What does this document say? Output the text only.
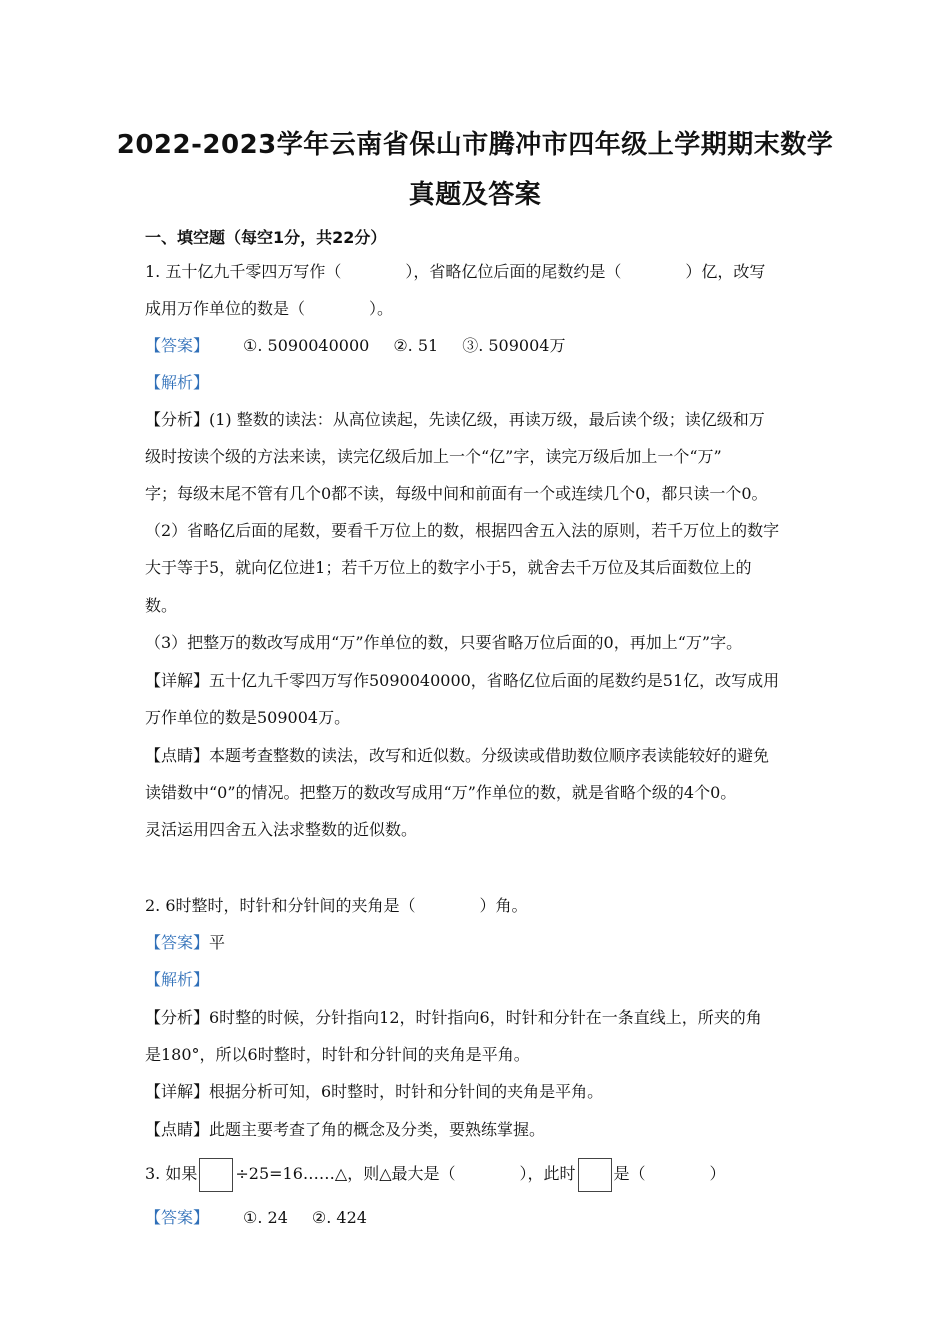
2022-2023学年云南省保山市腾冲市四年级上学期期末数学
真题及答案
一、填空题（每空1分，共22分）
1. 五十亿九千零四万写作（　　　　），省略亿位后面的尾数约是（　　　　）亿，改写
成用万作单位的数是（　　　　）。
【答案】 ①. 5090040000 ②. 51 ③. 509004万
【解析】
【分析】(1) 整数的读法：从高位读起，先读亿级，再读万级，最后读个级；读亿级和万
级时按读个级的方法来读，读完亿级后加上一个“亿”字，读完万级后加上一个“万”
字；每级末尾不管有几个0都不读，每级中间和前面有一个或连续几个0，都只读一个0。
（2）省略亿后面的尾数，要看千万位上的数，根据四舍五入法的原则，若千万位上的数字
大于等于5，就向亿位进1；若千万位上的数字小于5，就舍去千万位及其后面数位上的
数。
（3）把整万的数改写成用“万”作单位的数，只要省略万位后面的0，再加上“万”字。
【详解】五十亿九千零四万写作5090040000，省略亿位后面的尾数约是51亿，改写成用
万作单位的数是509004万。
【点睛】本题考查整数的读法，改写和近似数。分级读或借助数位顺序表读能较好的避免
读错数中“0”的情况。把整万的数改写成用“万”作单位的数，就是省略个级的4个0。
灵活运用四舍五入法求整数的近似数。
2. 6时整时，时针和分针间的夹角是（　　　　）角。
【答案】平
【解析】
【分析】6时整的时候，分针指向12，时针指向6，时针和分针在一条直线上，所夹的角
是180°，所以6时整时，时针和分针间的夹角是平角。
【详解】根据分析可知，6时整时，时针和分针间的夹角是平角。
【点睛】此题主要考查了角的概念及分类，要熟练掌握。
3. 如果 ÷25=16……△，则△最大是（　　　　），此时 是（　　　　）
【答案】 ①. 24 ②. 424
